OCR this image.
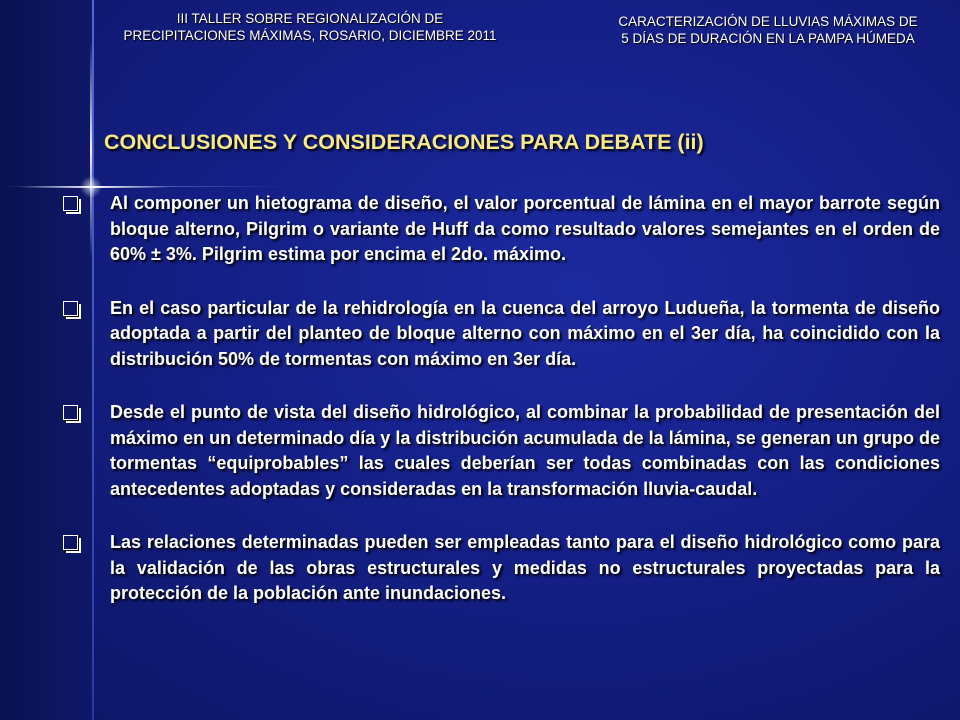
III TALLER SOBRE REGIONALIZACIÓN DE
PRECIPITACIONES MÁXIMAS, ROSARIO, DICIEMBRE 2011
CARACTERIZACIÓN DE LLUVIAS MÁXIMAS DE
5 DÍAS DE DURACIÓN EN LA PAMPA HÚMEDA
CONCLUSIONES Y CONSIDERACIONES PARA DEBATE (ii)
Al componer un hietograma de diseño, el valor porcentual de lámina en el mayor barrote según bloque alterno, Pilgrim o variante de Huff da como resultado valores semejantes en el orden de 60% ± 3%. Pilgrim estima por encima el 2do. máximo.
En el caso particular de la rehidrología en la cuenca del arroyo Ludueña, la tormenta de diseño adoptada a partir del planteo de bloque alterno con máximo en el 3er día, ha coincidido con la distribución 50% de tormentas con máximo en 3er día.
Desde el punto de vista del diseño hidrológico, al combinar la probabilidad de presentación del máximo en un determinado día y la distribución acumulada de la lámina, se generan un grupo de tormentas “equiprobables” las cuales deberían ser todas combinadas con las condiciones antecedentes adoptadas y consideradas en la transformación lluvia-caudal.
Las relaciones determinadas pueden ser empleadas tanto para el diseño hidrológico como para la validación de las obras estructurales y medidas no estructurales proyectadas para la protección de la población ante inundaciones.
